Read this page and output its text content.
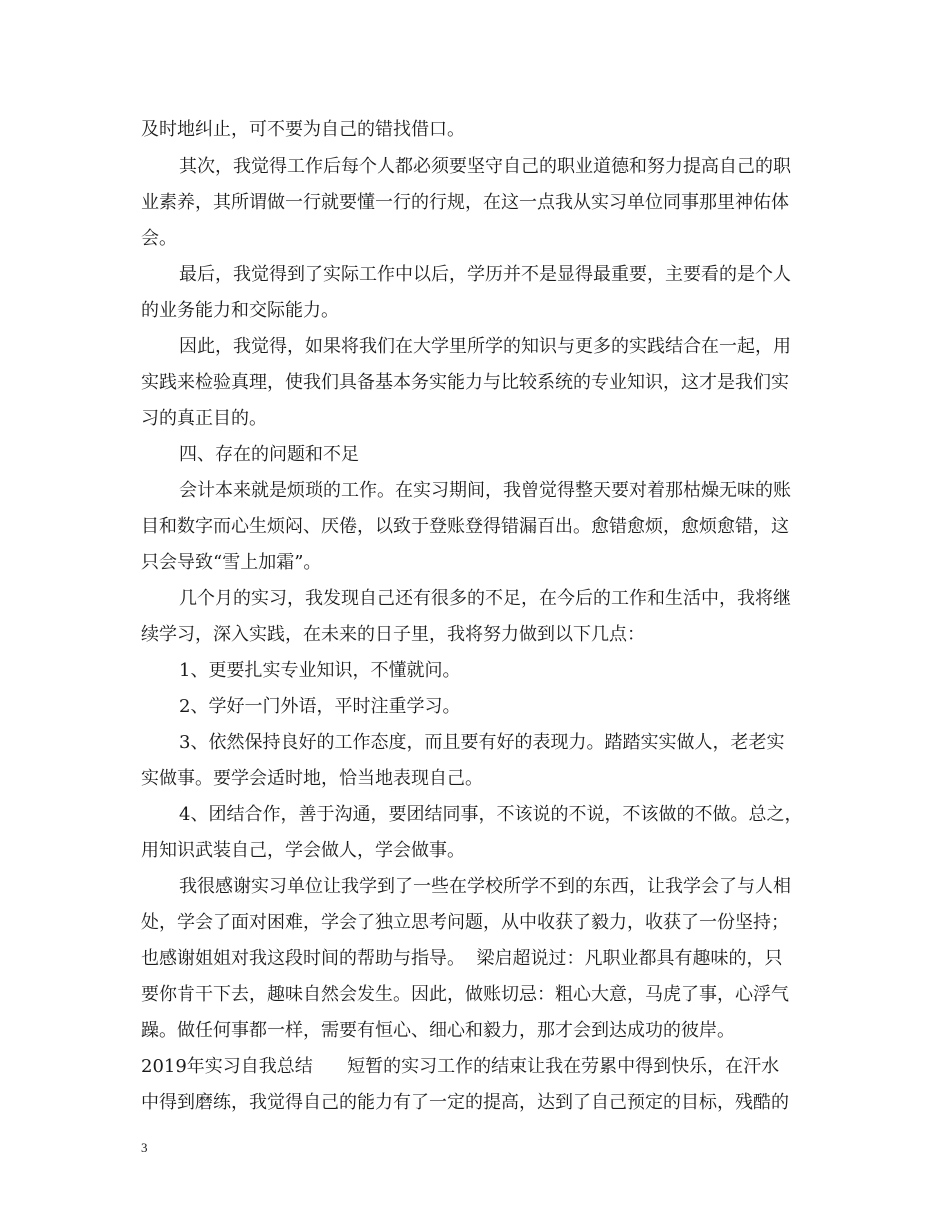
及时地纠止，可不要为自己的错找借口。
其次，我觉得工作后每个人都必须要坚守自己的职业道德和努力提高自己的职
业素养，其所谓做一行就要懂一行的行规，在这一点我从实习单位同事那里神佑体
会。
最后，我觉得到了实际工作中以后，学历并不是显得最重要，主要看的是个人
的业务能力和交际能力。
因此，我觉得，如果将我们在大学里所学的知识与更多的实践结合在一起，用
实践来检验真理，使我们具备基本务实能力与比较系统的专业知识，这才是我们实
习的真正目的。
四、存在的问题和不足
会计本来就是烦琐的工作。在实习期间，我曾觉得整天要对着那枯燥无味的账
目和数字而心生烦闷、厌倦，以致于登账登得错漏百出。愈错愈烦，愈烦愈错，这
只会导致“雪上加霜”。
几个月的实习，我发现自己还有很多的不足，在今后的工作和生活中，我将继
续学习，深入实践，在未来的日子里，我将努力做到以下几点：
1、更要扎实专业知识，不懂就问。
2、学好一门外语，平时注重学习。
3、依然保持良好的工作态度，而且要有好的表现力。踏踏实实做人，老老实
实做事。要学会适时地，恰当地表现自己。
4、团结合作，善于沟通，要团结同事，不该说的不说，不该做的不做。总之，
用知识武装自己，学会做人，学会做事。
我很感谢实习单位让我学到了一些在学校所学不到的东西，让我学会了与人相
处，学会了面对困难，学会了独立思考问题，从中收获了毅力，收获了一份坚持；
也感谢姐姐对我这段时间的帮助与指导。  梁启超说过：凡职业都具有趣味的，只
要你肯干下去，趣味自然会发生。因此，做账切忌：粗心大意，马虎了事，心浮气
躁。做任何事都一样，需要有恒心、细心和毅力，那才会到达成功的彼岸。
2019年实习自我总结      短暂的实习工作的结束让我在劳累中得到快乐，在汗水
中得到磨练，我觉得自己的能力有了一定的提高，达到了自己预定的目标，残酷的
3
